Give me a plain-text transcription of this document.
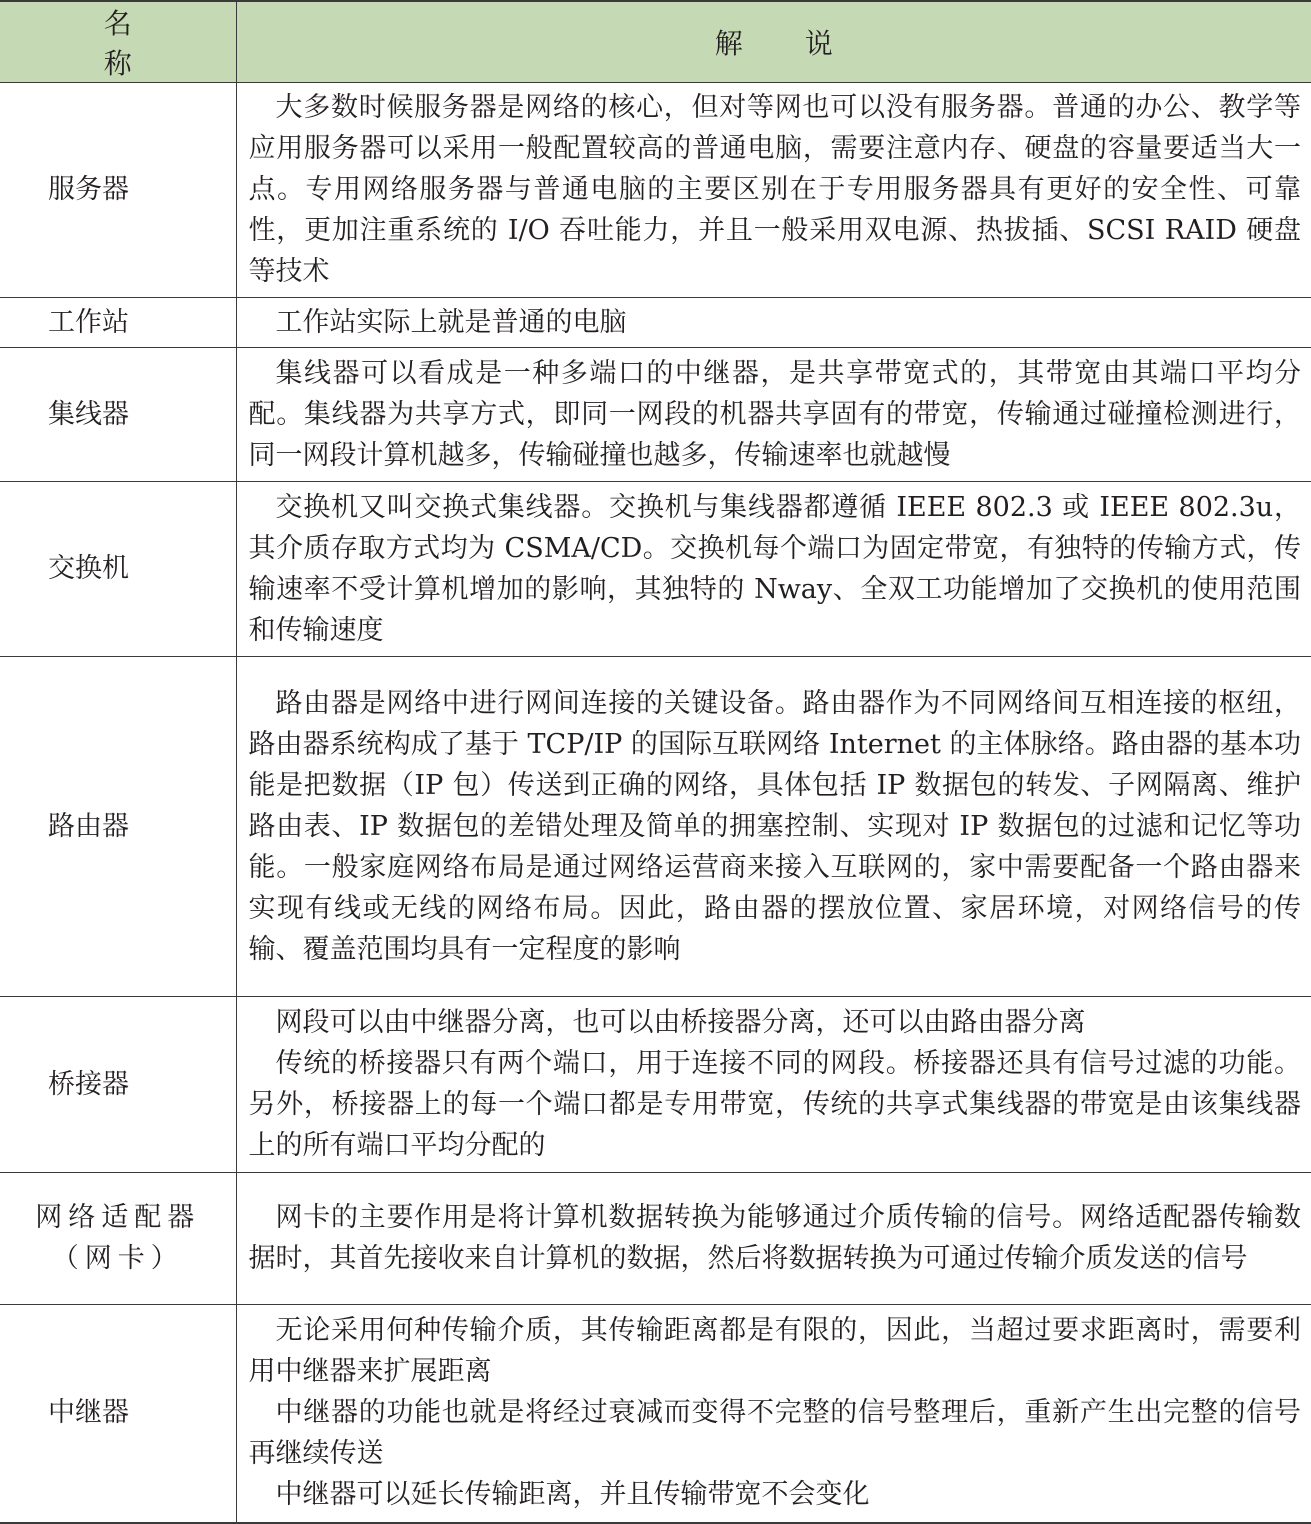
名称	解说

服务器	大多数时候服务器是网络的核心，但对等网也可以没有服务器。普通的办公、教学等应用服务器可以采用一般配置较高的普通电脑，需要注意内存、硬盘的容量要适当大一点。专用网络服务器与普通电脑的主要区别在于专用服务器具有更好的安全性、可靠性，更加注重系统的 I/O 吞吐能力，并且一般采用双电源、热拔插、SCSI RAID 硬盘等技术

工作站	工作站实际上就是普通的电脑

集线器	集线器可以看成是一种多端口的中继器，是共享带宽式的，其带宽由其端口平均分配。集线器为共享方式，即同一网段的机器共享固有的带宽，传输通过碰撞检测进行，同一网段计算机越多，传输碰撞也越多，传输速率也就越慢

交换机	交换机又叫交换式集线器。交换机与集线器都遵循 IEEE 802.3 或 IEEE 802.3u，其介质存取方式均为 CSMA/CD。交换机每个端口为固定带宽，有独特的传输方式，传输速率不受计算机增加的影响，其独特的 Nway、全双工功能增加了交换机的使用范围和传输速度

路由器	路由器是网络中进行网间连接的关键设备。路由器作为不同网络间互相连接的枢纽，路由器系统构成了基于 TCP/IP 的国际互联网络 Internet 的主体脉络。路由器的基本功能是把数据（IP 包）传送到正确的网络，具体包括 IP 数据包的转发、子网隔离、维护路由表、IP 数据包的差错处理及简单的拥塞控制、实现对 IP 数据包的过滤和记忆等功能。一般家庭网络布局是通过网络运营商来接入互联网的，家中需要配备一个路由器来实现有线或无线的网络布局。因此，路由器的摆放位置、家居环境，对网络信号的传输、覆盖范围均具有一定程度的影响

桥接器	网段可以由中继器分离，也可以由桥接器分离，还可以由路由器分离
传统的桥接器只有两个端口，用于连接不同的网段。桥接器还具有信号过滤的功能。另外，桥接器上的每一个端口都是专用带宽，传统的共享式集线器的带宽是由该集线器上的所有端口平均分配的

网络适配器
（网卡）	网卡的主要作用是将计算机数据转换为能够通过介质传输的信号。网络适配器传输数据时，其首先接收来自计算机的数据，然后将数据转换为可通过传输介质发送的信号

中继器	无论采用何种传输介质，其传输距离都是有限的，因此，当超过要求距离时，需要利用中继器来扩展距离
中继器的功能也就是将经过衰减而变得不完整的信号整理后，重新产生出完整的信号再继续传送
中继器可以延长传输距离，并且传输带宽不会变化
